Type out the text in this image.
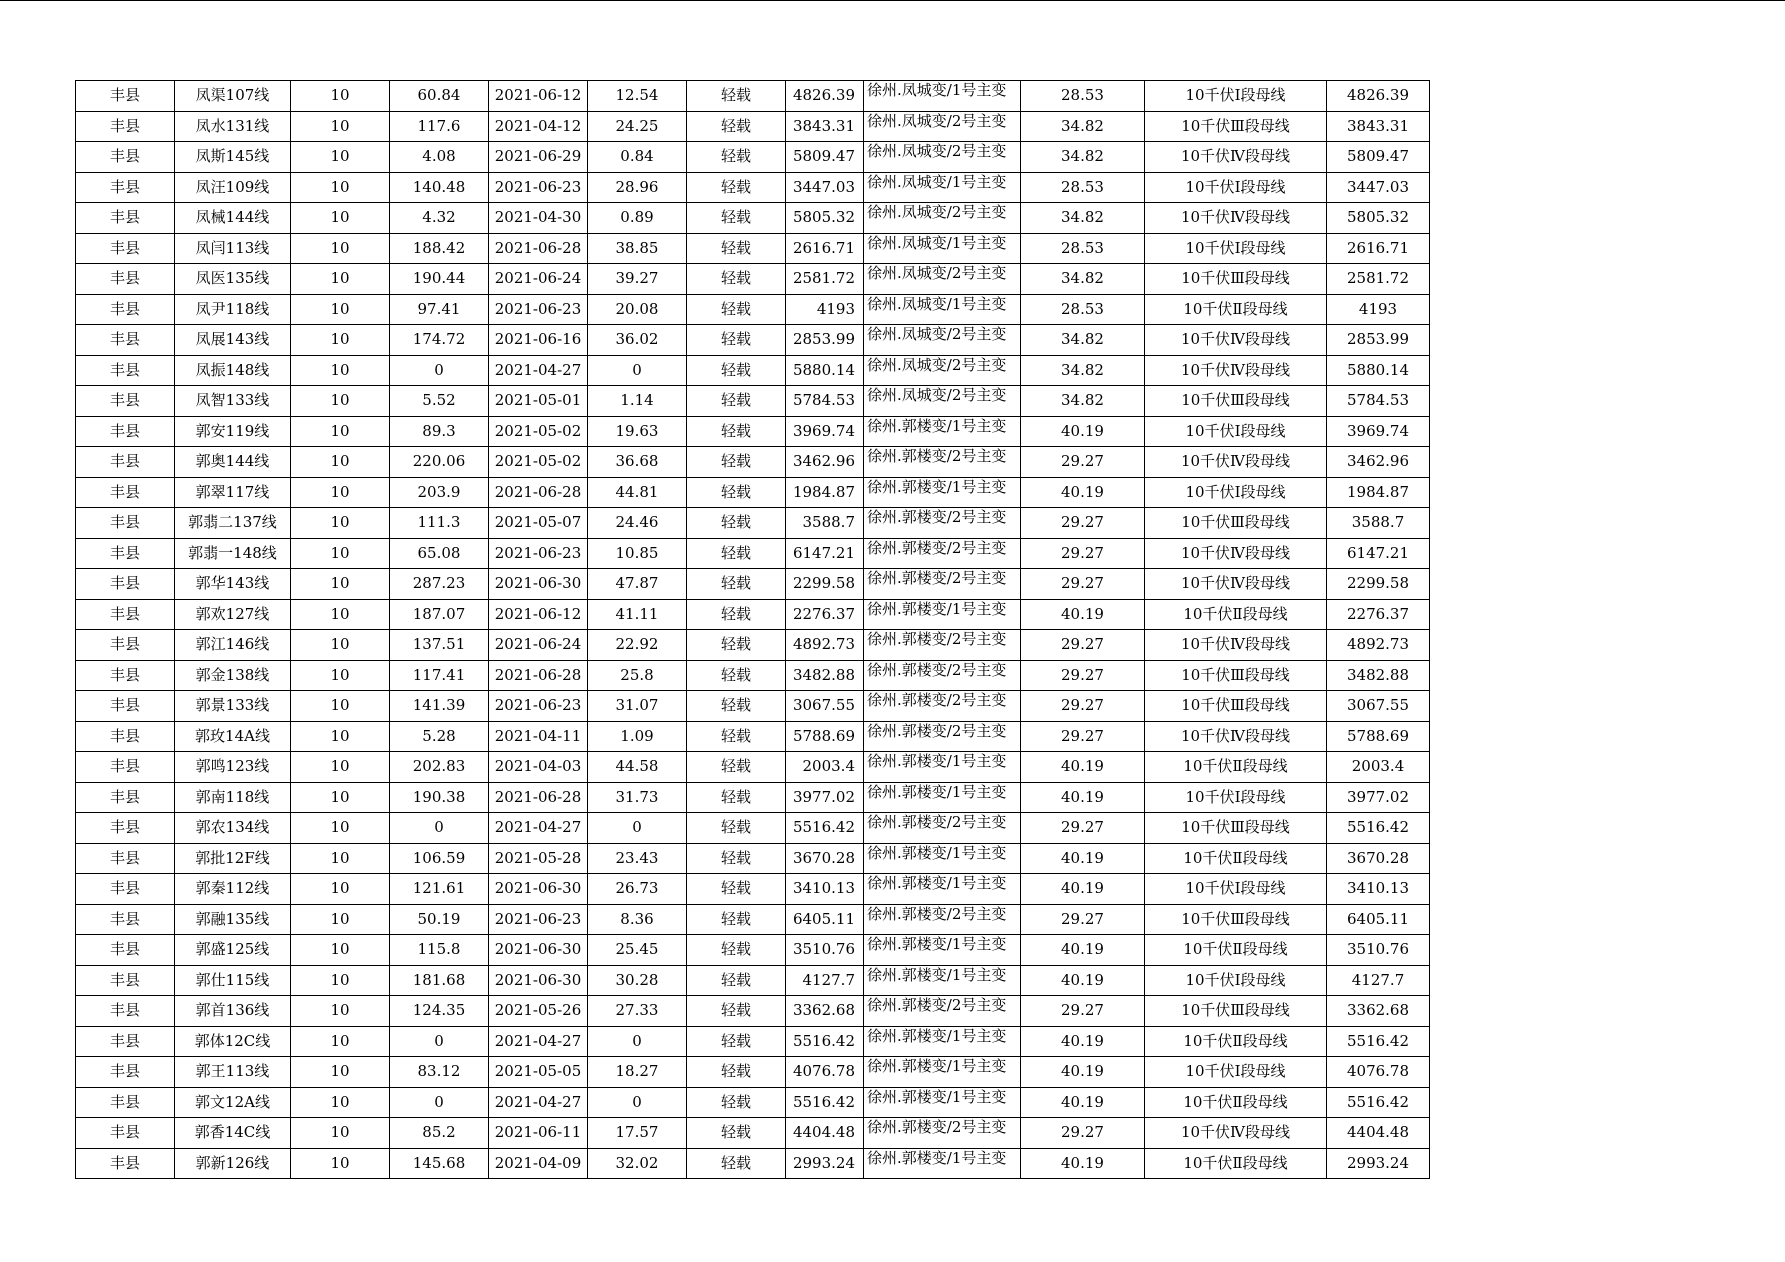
丰县	凤渠107线	10	60.84	2021-06-12	12.54	轻载	4826.39	徐州.凤城变/1号主变	28.53	10千伏Ⅰ段母线	4826.39
丰县	凤水131线	10	117.6	2021-04-12	24.25	轻载	3843.31	徐州.凤城变/2号主变	34.82	10千伏Ⅲ段母线	3843.31
丰县	凤斯145线	10	4.08	2021-06-29	0.84	轻载	5809.47	徐州.凤城变/2号主变	34.82	10千伏Ⅳ段母线	5809.47
丰县	凤汪109线	10	140.48	2021-06-23	28.96	轻载	3447.03	徐州.凤城变/1号主变	28.53	10千伏Ⅰ段母线	3447.03
丰县	凤械144线	10	4.32	2021-04-30	0.89	轻载	5805.32	徐州.凤城变/2号主变	34.82	10千伏Ⅳ段母线	5805.32
丰县	凤闫113线	10	188.42	2021-06-28	38.85	轻载	2616.71	徐州.凤城变/1号主变	28.53	10千伏Ⅰ段母线	2616.71
丰县	凤医135线	10	190.44	2021-06-24	39.27	轻载	2581.72	徐州.凤城变/2号主变	34.82	10千伏Ⅲ段母线	2581.72
丰县	凤尹118线	10	97.41	2021-06-23	20.08	轻载	4193	徐州.凤城变/1号主变	28.53	10千伏Ⅱ段母线	4193
丰县	凤展143线	10	174.72	2021-06-16	36.02	轻载	2853.99	徐州.凤城变/2号主变	34.82	10千伏Ⅳ段母线	2853.99
丰县	凤振148线	10	0	2021-04-27	0	轻载	5880.14	徐州.凤城变/2号主变	34.82	10千伏Ⅳ段母线	5880.14
丰县	凤智133线	10	5.52	2021-05-01	1.14	轻载	5784.53	徐州.凤城变/2号主变	34.82	10千伏Ⅲ段母线	5784.53
丰县	郭安119线	10	89.3	2021-05-02	19.63	轻载	3969.74	徐州.郭楼变/1号主变	40.19	10千伏Ⅰ段母线	3969.74
丰县	郭奥144线	10	220.06	2021-05-02	36.68	轻载	3462.96	徐州.郭楼变/2号主变	29.27	10千伏Ⅳ段母线	3462.96
丰县	郭翠117线	10	203.9	2021-06-28	44.81	轻载	1984.87	徐州.郭楼变/1号主变	40.19	10千伏Ⅰ段母线	1984.87
丰县	郭翡二137线	10	111.3	2021-05-07	24.46	轻载	3588.7	徐州.郭楼变/2号主变	29.27	10千伏Ⅲ段母线	3588.7
丰县	郭翡一148线	10	65.08	2021-06-23	10.85	轻载	6147.21	徐州.郭楼变/2号主变	29.27	10千伏Ⅳ段母线	6147.21
丰县	郭华143线	10	287.23	2021-06-30	47.87	轻载	2299.58	徐州.郭楼变/2号主变	29.27	10千伏Ⅳ段母线	2299.58
丰县	郭欢127线	10	187.07	2021-06-12	41.11	轻载	2276.37	徐州.郭楼变/1号主变	40.19	10千伏Ⅱ段母线	2276.37
丰县	郭江146线	10	137.51	2021-06-24	22.92	轻载	4892.73	徐州.郭楼变/2号主变	29.27	10千伏Ⅳ段母线	4892.73
丰县	郭金138线	10	117.41	2021-06-28	25.8	轻载	3482.88	徐州.郭楼变/2号主变	29.27	10千伏Ⅲ段母线	3482.88
丰县	郭景133线	10	141.39	2021-06-23	31.07	轻载	3067.55	徐州.郭楼变/2号主变	29.27	10千伏Ⅲ段母线	3067.55
丰县	郭玫14A线	10	5.28	2021-04-11	1.09	轻载	5788.69	徐州.郭楼变/2号主变	29.27	10千伏Ⅳ段母线	5788.69
丰县	郭鸣123线	10	202.83	2021-04-03	44.58	轻载	2003.4	徐州.郭楼变/1号主变	40.19	10千伏Ⅱ段母线	2003.4
丰县	郭南118线	10	190.38	2021-06-28	31.73	轻载	3977.02	徐州.郭楼变/1号主变	40.19	10千伏Ⅰ段母线	3977.02
丰县	郭农134线	10	0	2021-04-27	0	轻载	5516.42	徐州.郭楼变/2号主变	29.27	10千伏Ⅲ段母线	5516.42
丰县	郭批12F线	10	106.59	2021-05-28	23.43	轻载	3670.28	徐州.郭楼变/1号主变	40.19	10千伏Ⅱ段母线	3670.28
丰县	郭秦112线	10	121.61	2021-06-30	26.73	轻载	3410.13	徐州.郭楼变/1号主变	40.19	10千伏Ⅰ段母线	3410.13
丰县	郭融135线	10	50.19	2021-06-23	8.36	轻载	6405.11	徐州.郭楼变/2号主变	29.27	10千伏Ⅲ段母线	6405.11
丰县	郭盛125线	10	115.8	2021-06-30	25.45	轻载	3510.76	徐州.郭楼变/1号主变	40.19	10千伏Ⅱ段母线	3510.76
丰县	郭仕115线	10	181.68	2021-06-30	30.28	轻载	4127.7	徐州.郭楼变/1号主变	40.19	10千伏Ⅰ段母线	4127.7
丰县	郭首136线	10	124.35	2021-05-26	27.33	轻载	3362.68	徐州.郭楼变/2号主变	29.27	10千伏Ⅲ段母线	3362.68
丰县	郭体12C线	10	0	2021-04-27	0	轻载	5516.42	徐州.郭楼变/1号主变	40.19	10千伏Ⅱ段母线	5516.42
丰县	郭王113线	10	83.12	2021-05-05	18.27	轻载	4076.78	徐州.郭楼变/1号主变	40.19	10千伏Ⅰ段母线	4076.78
丰县	郭文12A线	10	0	2021-04-27	0	轻载	5516.42	徐州.郭楼变/1号主变	40.19	10千伏Ⅱ段母线	5516.42
丰县	郭香14C线	10	85.2	2021-06-11	17.57	轻载	4404.48	徐州.郭楼变/2号主变	29.27	10千伏Ⅳ段母线	4404.48
丰县	郭新126线	10	145.68	2021-04-09	32.02	轻载	2993.24	徐州.郭楼变/1号主变	40.19	10千伏Ⅱ段母线	2993.24
